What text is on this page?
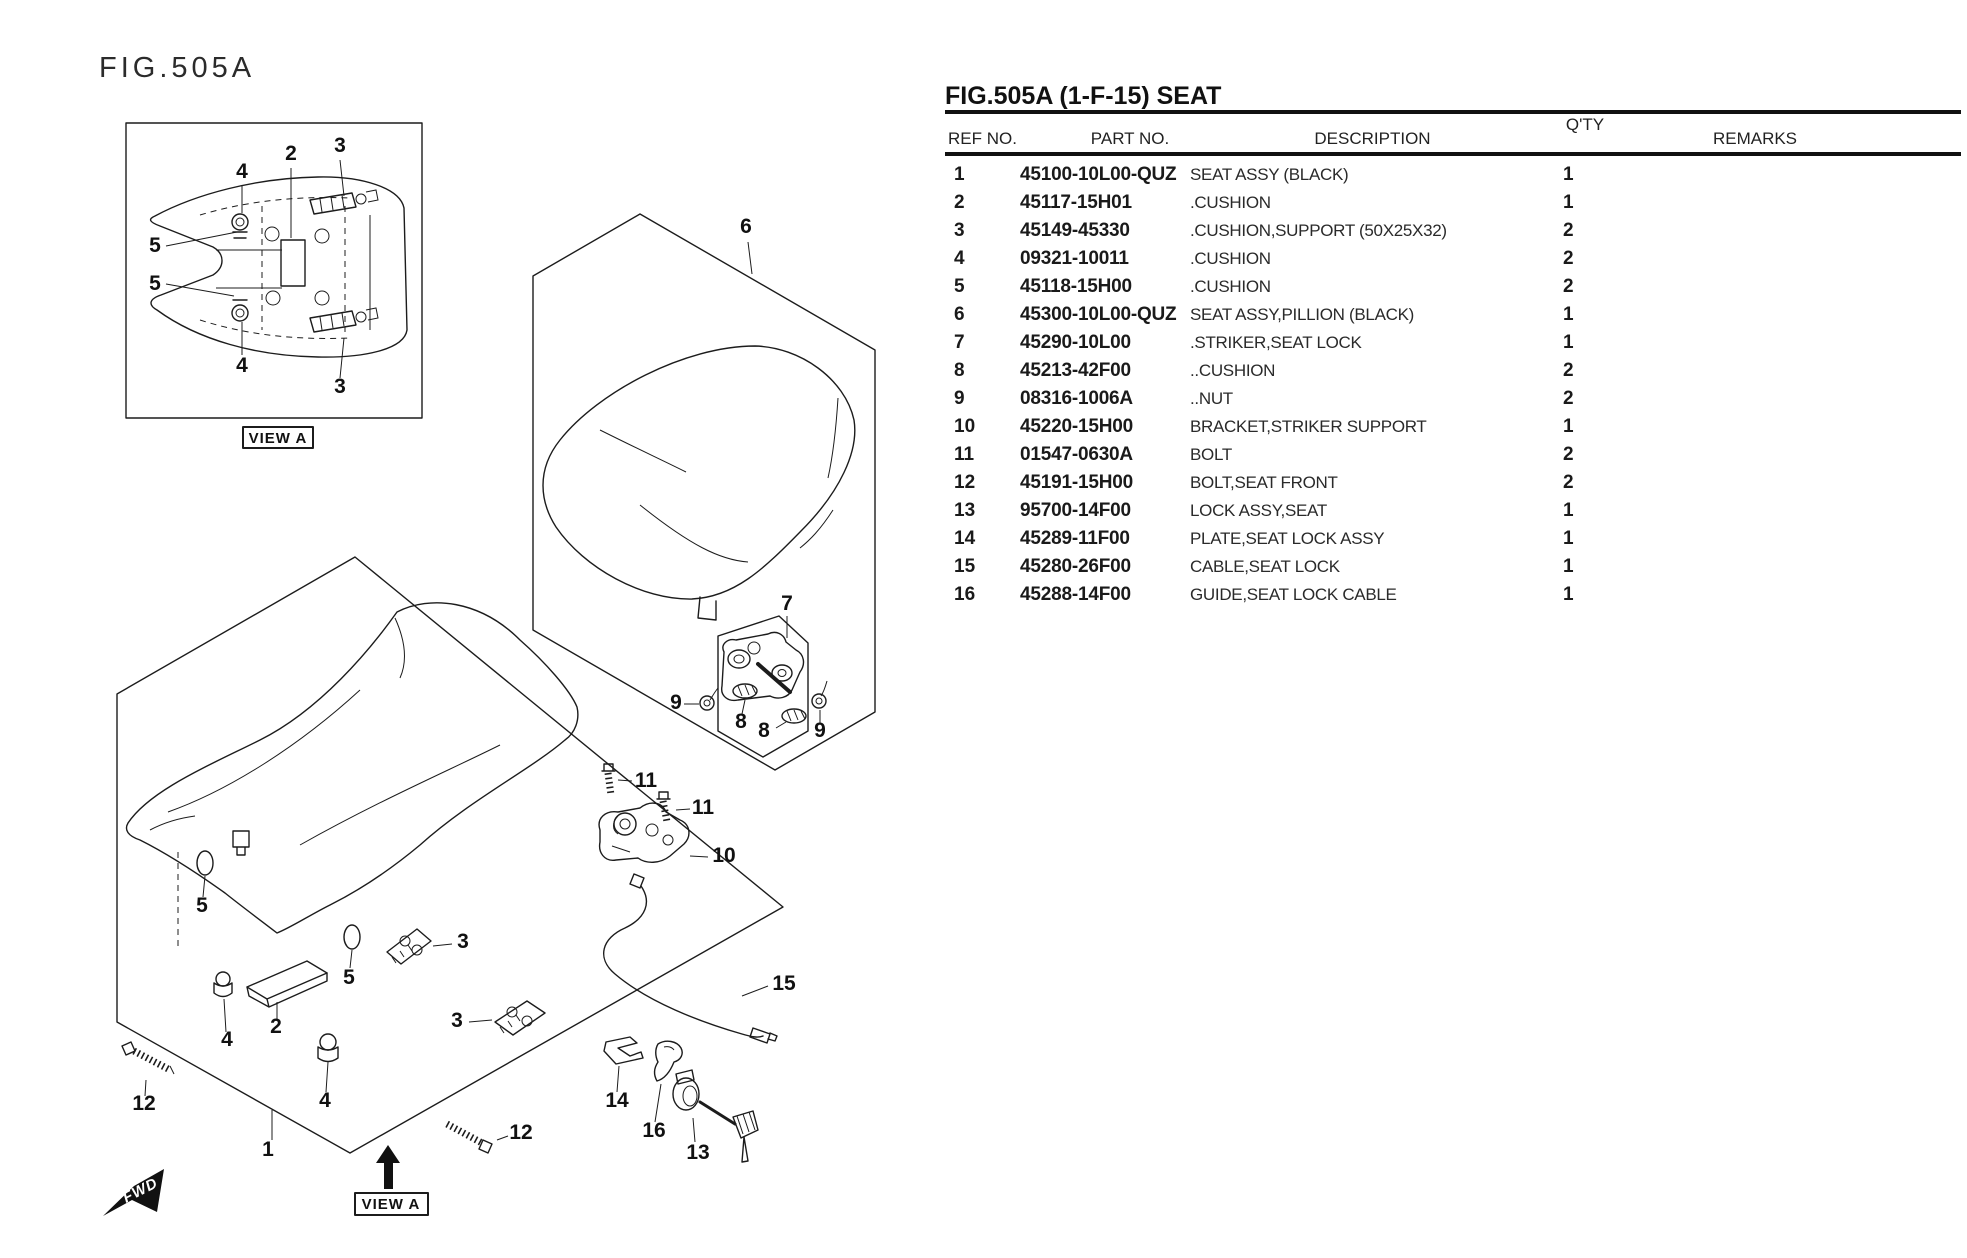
FIG.505A
VIEW A
FWD	VIEW A
4
2 3
5
5
4
3
6
7
9
8 8 9
1
5
5
3
3
2
4
4
12
12
11
11
10
15
14
16
13
FIG.505A (1-F-15) SEAT
REF NO.	PART NO.	DESCRIPTION
Q'TY
REMARKS
1	45100-10L00-QUZ SEAT ASSY (BLACK)	1
2	45117-15H01	.CUSHION	1
3	45149-45330	.CUSHION,SUPPORT (50X25X32)	2
4	09321-10011	.CUSHION	2
5	45118-15H00	.CUSHION	2
6	45300-10L00-QUZ SEAT ASSY,PILLION (BLACK)	1
7	45290-10L00	.STRIKER,SEAT LOCK	1
8	45213-42F00	..CUSHION	2
9	08316-1006A	..NUT	2
10	45220-15H00	BRACKET,STRIKER SUPPORT	1
11	01547-0630A	BOLT	2
12	45191-15H00	BOLT,SEAT FRONT	2
13	95700-14F00	LOCK ASSY,SEAT	1
14	45289-11F00	PLATE,SEAT LOCK ASSY	1
15	45280-26F00	CABLE,SEAT LOCK	1
16	45288-14F00	GUIDE,SEAT LOCK CABLE	1
